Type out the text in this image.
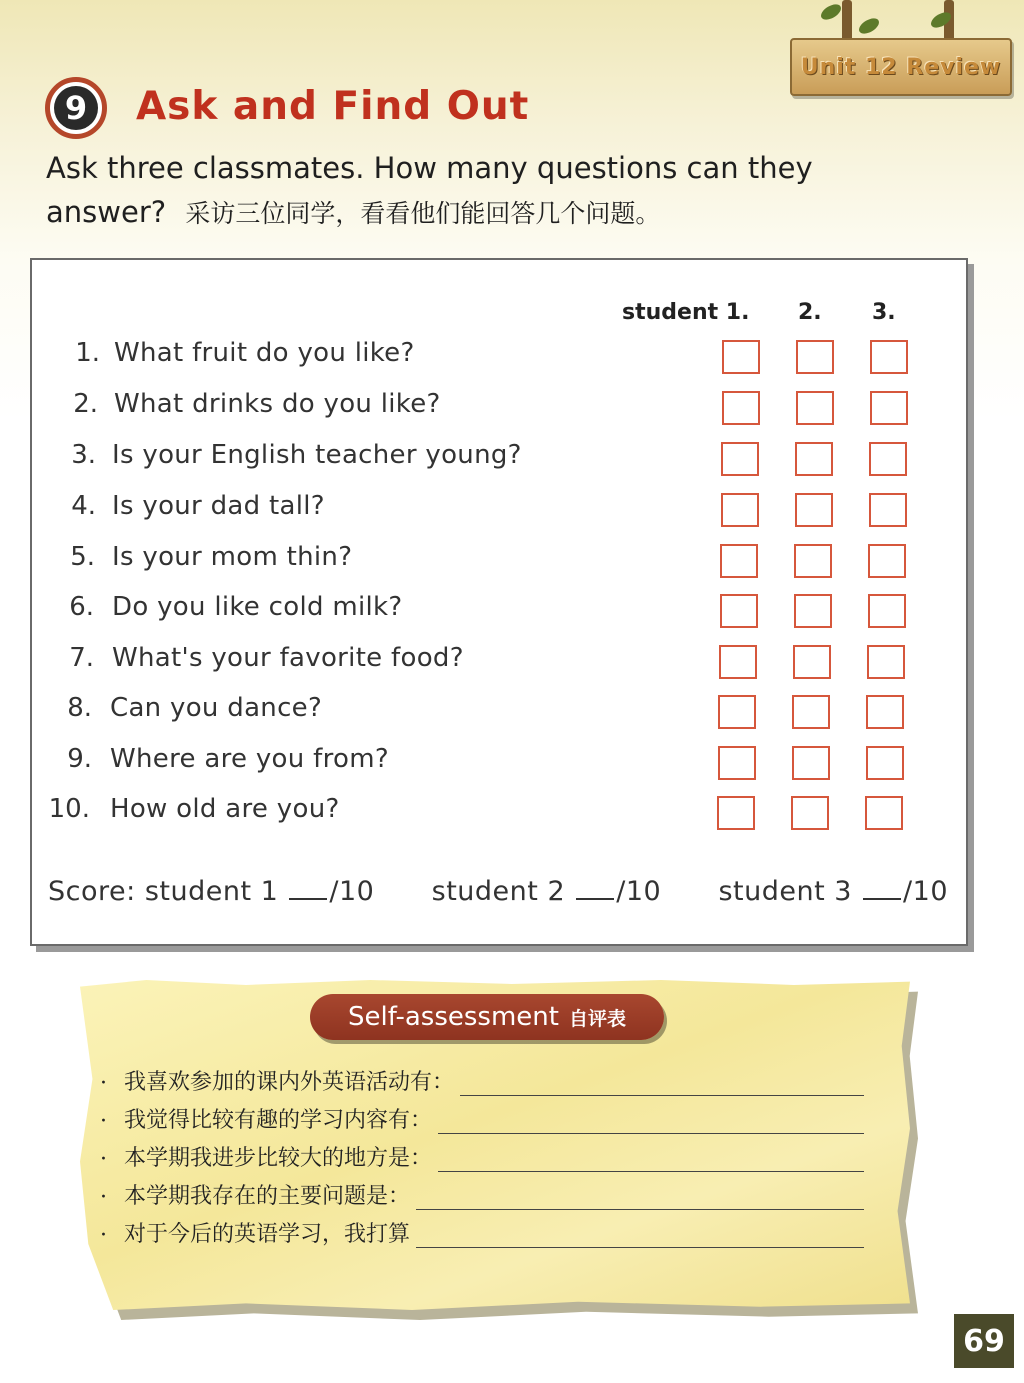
Unit 12 Review
9 Ask and Find Out
Ask three classmates. How many questions can they answer? 采访三位同学，看看他们能回答几个问题。
student 1. 2. 3.
1. What fruit do you like?
2. What drinks do you like?
3. Is your English teacher young?
4. Is your dad tall?
5. Is your mom thin?
6. Do you like cold milk?
7. What's your favorite food?
8. Can you dance?
9. Where are you from?
10. How old are you?
Score: student 1 /10 student 2 /10 student 3 /10
Self-assessment 自评表
· 我喜欢参加的课内外英语活动有：
· 我觉得比较有趣的学习内容有：
· 本学期我进步比较大的地方是：
· 本学期我存在的主要问题是：
· 对于今后的英语学习，我打算
69
